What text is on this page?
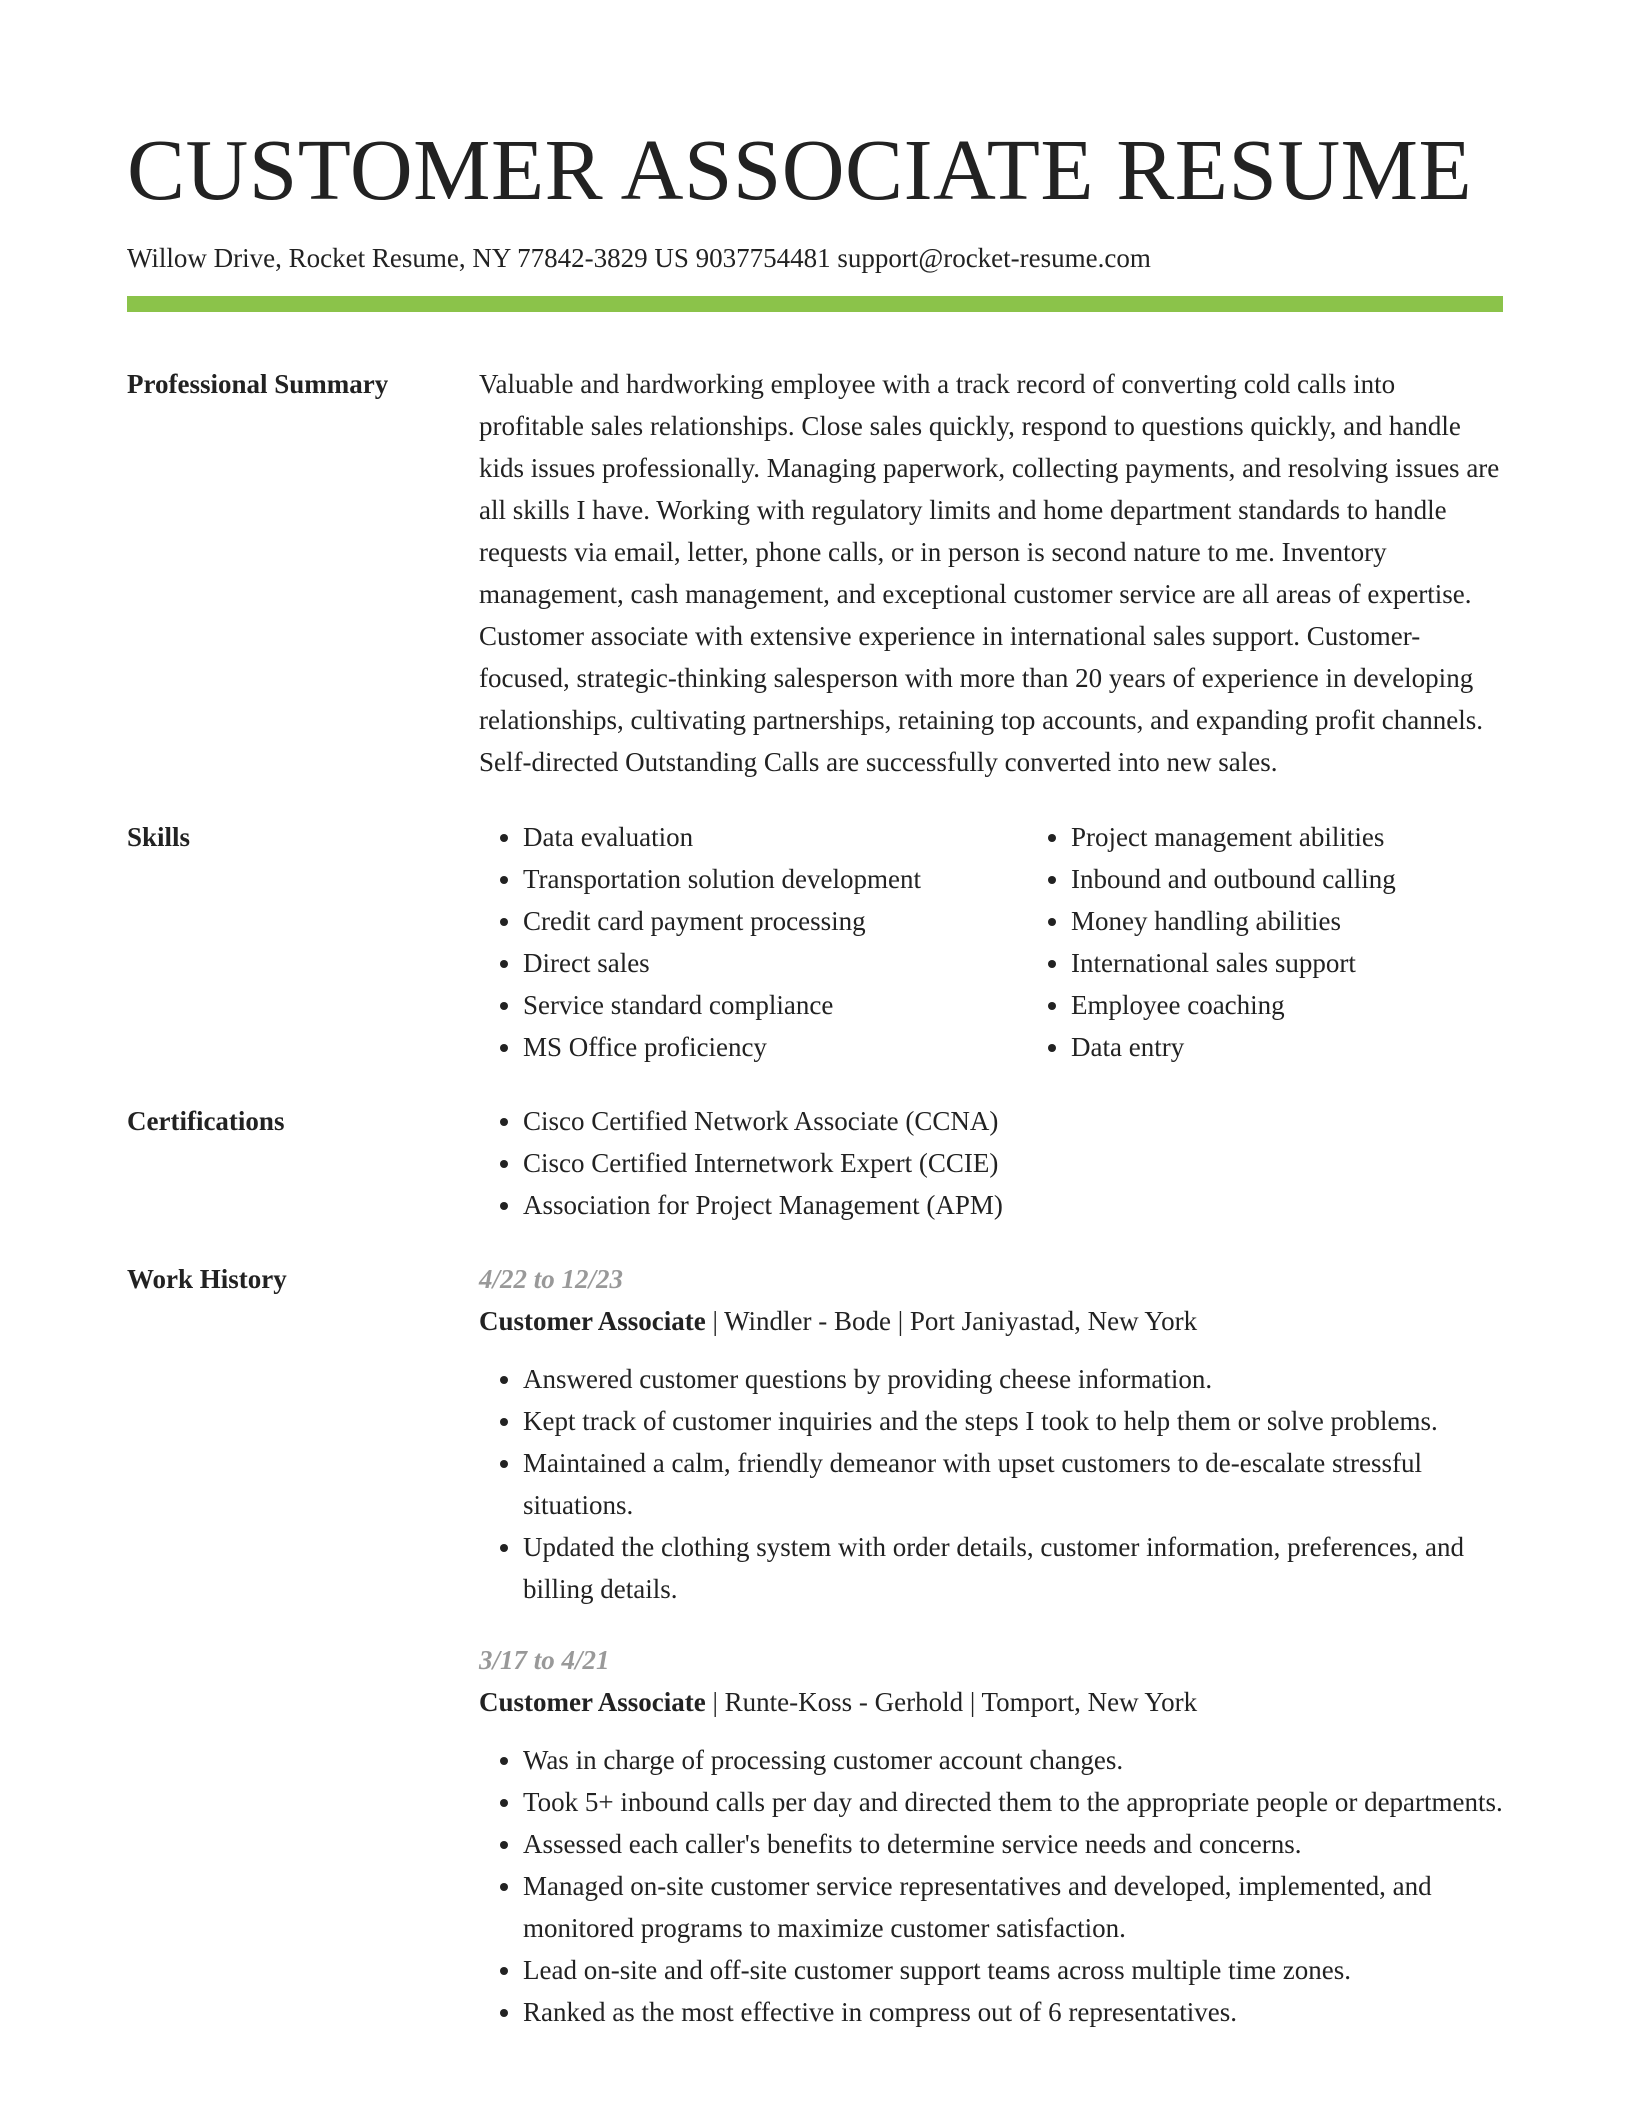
CUSTOMER ASSOCIATE RESUME
Willow Drive, Rocket Resume, NY 77842-3829 US 9037754481 support@rocket-resume.com
Professional Summary	Valuable and hardworking employee with a track record of converting cold calls into profitable sales relationships. Close sales quickly, respond to questions quickly, and handle kids issues professionally. Managing paperwork, collecting payments, and resolving issues are all skills I have. Working with regulatory limits and home department standards to handle requests via email, letter, phone calls, or in person is second nature to me. Inventory management, cash management, and exceptional customer service are all areas of expertise. Customer associate with extensive experience in international sales support. Customer-focused, strategic-thinking salesperson with more than 20 years of experience in developing relationships, cultivating partnerships, retaining top accounts, and expanding profit channels. Self-directed Outstanding Calls are successfully converted into new sales.

Skills	• Data evaluation
• Transportation solution development
• Credit card payment processing
• Direct sales
• Service standard compliance
• MS Office proficiency
• Project management abilities
• Inbound and outbound calling
• Money handling abilities
• International sales support
• Employee coaching
• Data entry
Certifications	• Cisco Certified Network Associate (CCNA)
• Cisco Certified Internetwork Expert (CCIE)
• Association for Project Management (APM)
Work History	4/22 to 12/23
Customer Associate | Windler - Bode | Port Janiyastad, New York
• Answered customer questions by providing cheese information.
• Kept track of customer inquiries and the steps I took to help them or solve problems.
• Maintained a calm, friendly demeanor with upset customers to de-escalate stressful situations.
• Updated the clothing system with order details, customer information, preferences, and billing details.
3/17 to 4/21
Customer Associate | Runte-Koss - Gerhold | Tomport, New York
• Was in charge of processing customer account changes.
• Took 5+ inbound calls per day and directed them to the appropriate people or departments.
• Assessed each caller's benefits to determine service needs and concerns.
• Managed on-site customer service representatives and developed, implemented, and monitored programs to maximize customer satisfaction.
• Lead on-site and off-site customer support teams across multiple time zones.
• Ranked as the most effective in compress out of 6 representatives.
